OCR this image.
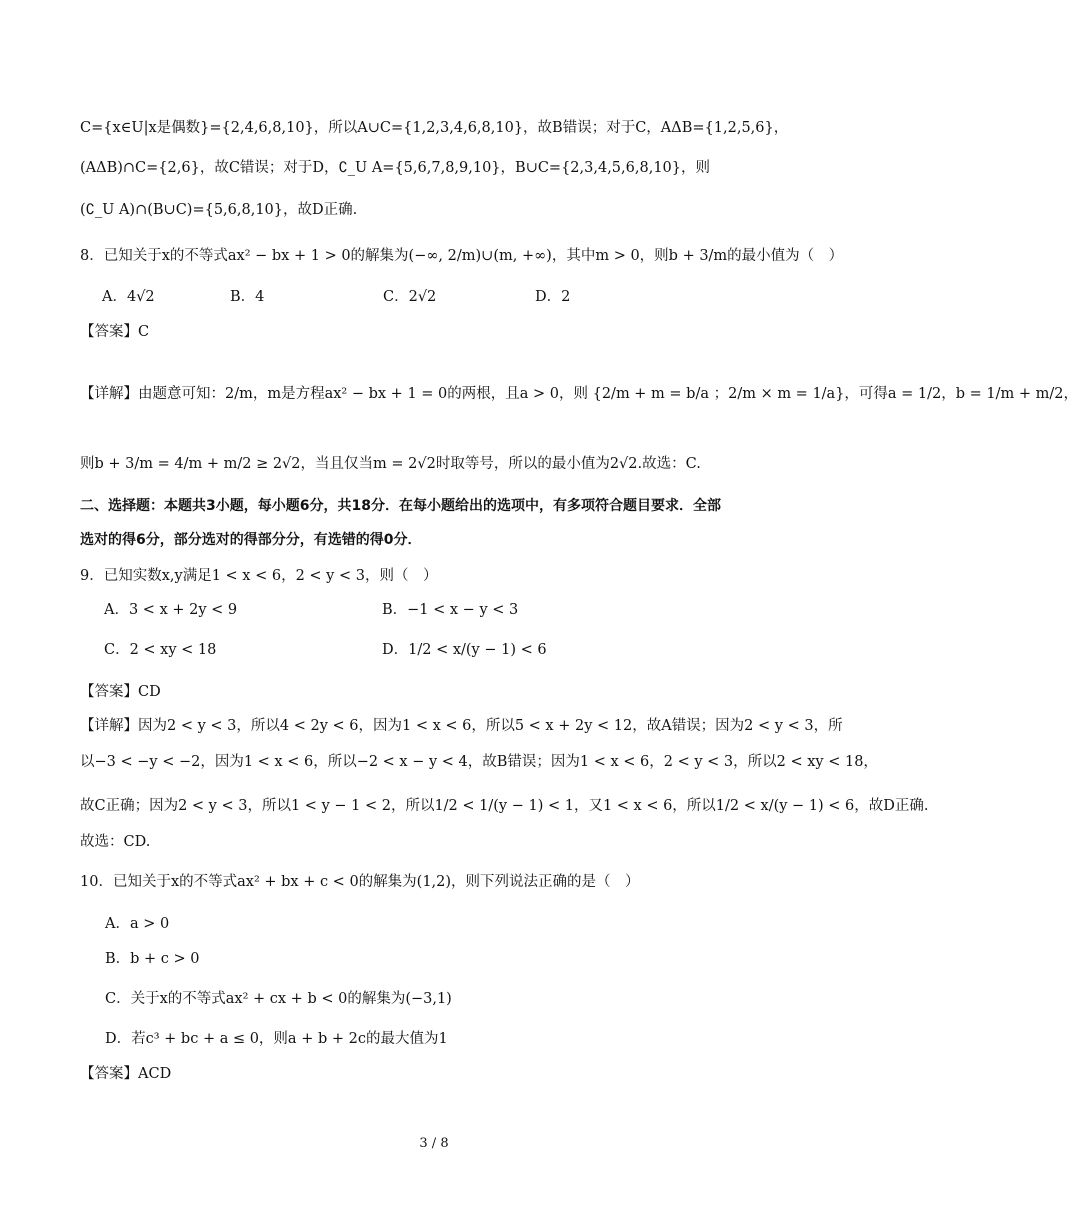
C={x∈U|x是偶数}={2,4,6,8,10}，所以A∪C={1,2,3,4,6,8,10}，故B错误；对于C，AΔB={1,2,5,6}，
(AΔB)∩C={2,6}，故C错误；对于D，∁_U A={5,6,7,8,9,10}，B∪C={2,3,4,5,6,8,10}，则
(∁_U A)∩(B∪C)={5,6,8,10}，故D正确.
8．已知关于x的不等式ax² − bx + 1 > 0的解集为(−∞, 2/m)∪(m, +∞)，其中m > 0，则b + 3/m的最小值为（　）
A．4√2	B．4	C．2√2	D．2
【答案】C
【详解】由题意可知：2/m，m是方程ax² − bx + 1 = 0的两根，且a > 0，则 {2/m + m = b/a ；2/m × m = 1/a}，可得a = 1/2，b = 1/m + m/2，
则b + 3/m = 4/m + m/2 ≥ 2√2，当且仅当m = 2√2时取等号，所以的最小值为2√2.故选：C.
二、选择题：本题共3小题，每小题6分，共18分．在每小题给出的选项中，有多项符合题目要求．全部
选对的得6分，部分选对的得部分分，有选错的得0分．
9．已知实数x,y满足1 < x < 6，2 < y < 3，则（　）
A．3 < x + 2y < 9	B．−1 < x − y < 3
C．2 < xy < 18	D．1/2 < x/(y − 1) < 6
【答案】CD
【详解】因为2 < y < 3，所以4 < 2y < 6，因为1 < x < 6，所以5 < x + 2y < 12，故A错误；因为2 < y < 3，所
以−3 < −y < −2，因为1 < x < 6，所以−2 < x − y < 4，故B错误；因为1 < x < 6，2 < y < 3，所以2 < xy < 18，
故C正确；因为2 < y < 3，所以1 < y − 1 < 2，所以1/2 < 1/(y − 1) < 1，又1 < x < 6，所以1/2 < x/(y − 1) < 6，故D正确.
故选：CD.
10．已知关于x的不等式ax² + bx + c < 0的解集为(1,2)，则下列说法正确的是（　）
A．a > 0
B．b + c > 0
C．关于x的不等式ax² + cx + b < 0的解集为(−3,1)
D．若c³ + bc + a ≤ 0，则a + b + 2c的最大值为1
【答案】ACD
3 / 8
